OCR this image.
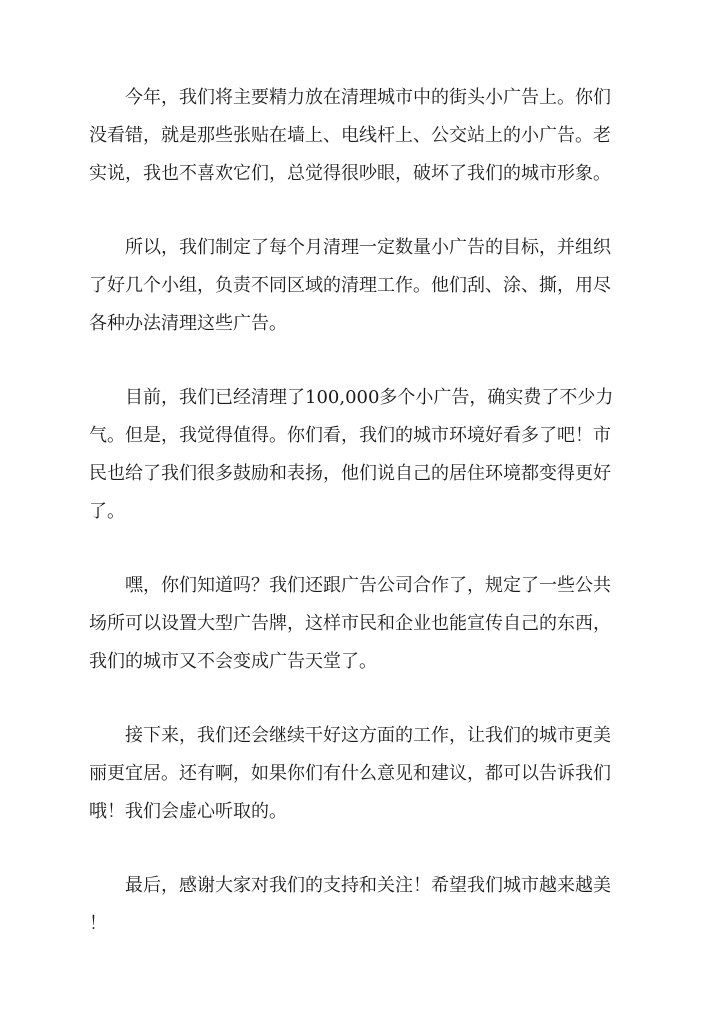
今年，我们将主要精力放在清理城市中的街头小广告上。你们
没看错，就是那些张贴在墙上、电线杆上、公交站上的小广告。老
实说，我也不喜欢它们，总觉得很吵眼，破坏了我们的城市形象。

所以，我们制定了每个月清理一定数量小广告的目标，并组织
了好几个小组，负责不同区域的清理工作。他们刮、涂、撕，用尽
各种办法清理这些广告。

目前，我们已经清理了100,000多个小广告，确实费了不少力
气。但是，我觉得值得。你们看，我们的城市环境好看多了吧！市
民也给了我们很多鼓励和表扬，他们说自己的居住环境都变得更好
了。

嘿，你们知道吗？我们还跟广告公司合作了，规定了一些公共
场所可以设置大型广告牌，这样市民和企业也能宣传自己的东西，
我们的城市又不会变成广告天堂了。

接下来，我们还会继续干好这方面的工作，让我们的城市更美
丽更宜居。还有啊，如果你们有什么意见和建议，都可以告诉我们
哦！我们会虚心听取的。

最后，感谢大家对我们的支持和关注！希望我们城市越来越美
！
